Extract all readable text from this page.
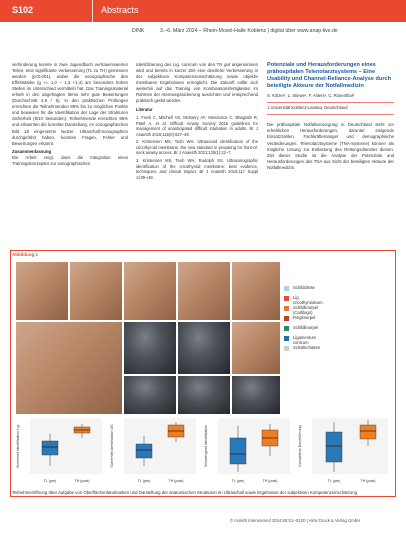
S102	Abstracts
DINK	3.–6. März 2024 – Rhein-Mosel-Halle Koblenz | digital über www.anap-live.de

verhinderung konnte in zwei Jugendbuch vertrauenswerten Teilen, eine signifikante Verbesserung (TL zu TH) gemessen werden (p<0,001), wobei die sonographische den Effektstärke (g >= 1,0 – 1,3 +1,4) am besonders hohen Stellen im Unterschied vermitteln hat. Das Trainingsmaterial erhielt in den abgefragten Items sehr gute Bewertungen (Durchschnitt 4,8 / 5). In den praktischen Prüfungen erreichten die Teilnehmenden 89% bis zu möglichen Punkte und bewiesen für die Identifikation der Lage der Strukturen Sicherheit (8/10 Sekunden). Teilnehmende erreichten 85% und erkannten die korrekte Darstellung, im sonographischen Bild 18 eingesetzte Nutzer. Ultraschall-Sonographien durchgeführt haben, konnten Fragen, Fehler und Bewertungen erkannt.

Zusammenfassung

Die Arbeit zeigt, dass die Integration eines Trainingskonzeptes zur sonographischen

Identifizierung des Lig. conicum von den TN gut angenommen wird und bereits in kurzer Zeit eine deutliche Verbesserung in der subjektiven Kompetenzeinschätzung sowie objektiv messbaren Ergebnissen ermöglicht. Die Zukunft sollte sich weiterhin auf das Training von Kombinationsfertigkeiten im Rahmen der Atemwegssicherung ausrichten und entsprechend praktisch geübt werden.

Literatur

1. Frerk C, Mitchell VS, McNarry AF, Mendonca C, Bhagrath R, Patel A, et al. Difficult Airway Society 2015 guidelines for management of unanticipated difficult intubation in adults. Br J Anaesth 2015;115(6):827–48.

2. Kristensen MS, Teoh WH. Ultrasound identification of the cricothyroid membrane: the new standard in preparing for front-of-neck airway access. Br J Anaesth 2021;126(1):22–7.

3. Kristensen MS, Teoh WH, Rudolph SS. Ultrasonographic identification of the cricothyroid membrane: best evidence, techniques, and clinical impact. Br J Anaesth 2016;117 Suppl 1:i39–i48.

Potenziale und Herausforderungen eines prähospitalen Telenotarztsystems – Eine Usability und Channel-Reliance-Analyse durch beteiligte Akteure der Notfallmedizin
S. Kölzer¹, L. Stiewe², F. Ahlers¹, C. Rosenthal³
1 Universität Koblenz-Landau, Deutschland
Die prähospitale Notfallversorgung in Deutschland steht vor erheblichen Herausforderungen, darunter steigende Einsatzzahlen, Fachkräftemangel und demographische Veränderungen. Telenotarztsysteme (TNA-Systeme) können als mögliche Lösung zur Entlastung des Rettungsdienstes dienen. Ziel dieser Studie ist die Analyse der Potenziale und Herausforderungen des TNA aus Sicht der beteiligten Akteure der Notfallmedizin.
Abbildung 1
Schilddrüse
Lig. cricothyroideum
Schildknorpel (Cartilago)
Ringknorpel
Schildknorpel
Ligamentum conicum
Schallschatten
Sicherheit Identifikation Lig.
TL (pre)	TH (post)
Sicherheit Identifikation US
TL (pre)	TH (post)
Schwierigkeit Identifikation
TL (pre)	TH (post)
Kompetenz Durchführung
TL (pre)	TH (post)
Teilnehmeröffnung über Aufgabe von Oberflächenlandmarken und Darstellung der anatomischen Strukturen im Ultraschall sowie Ergebnisse der subjektiven Kompetenzeinschätzung
© Anästh Intensivmed 2024;65:S1–S100 | Aktiv Druck & Verlag GmbH
